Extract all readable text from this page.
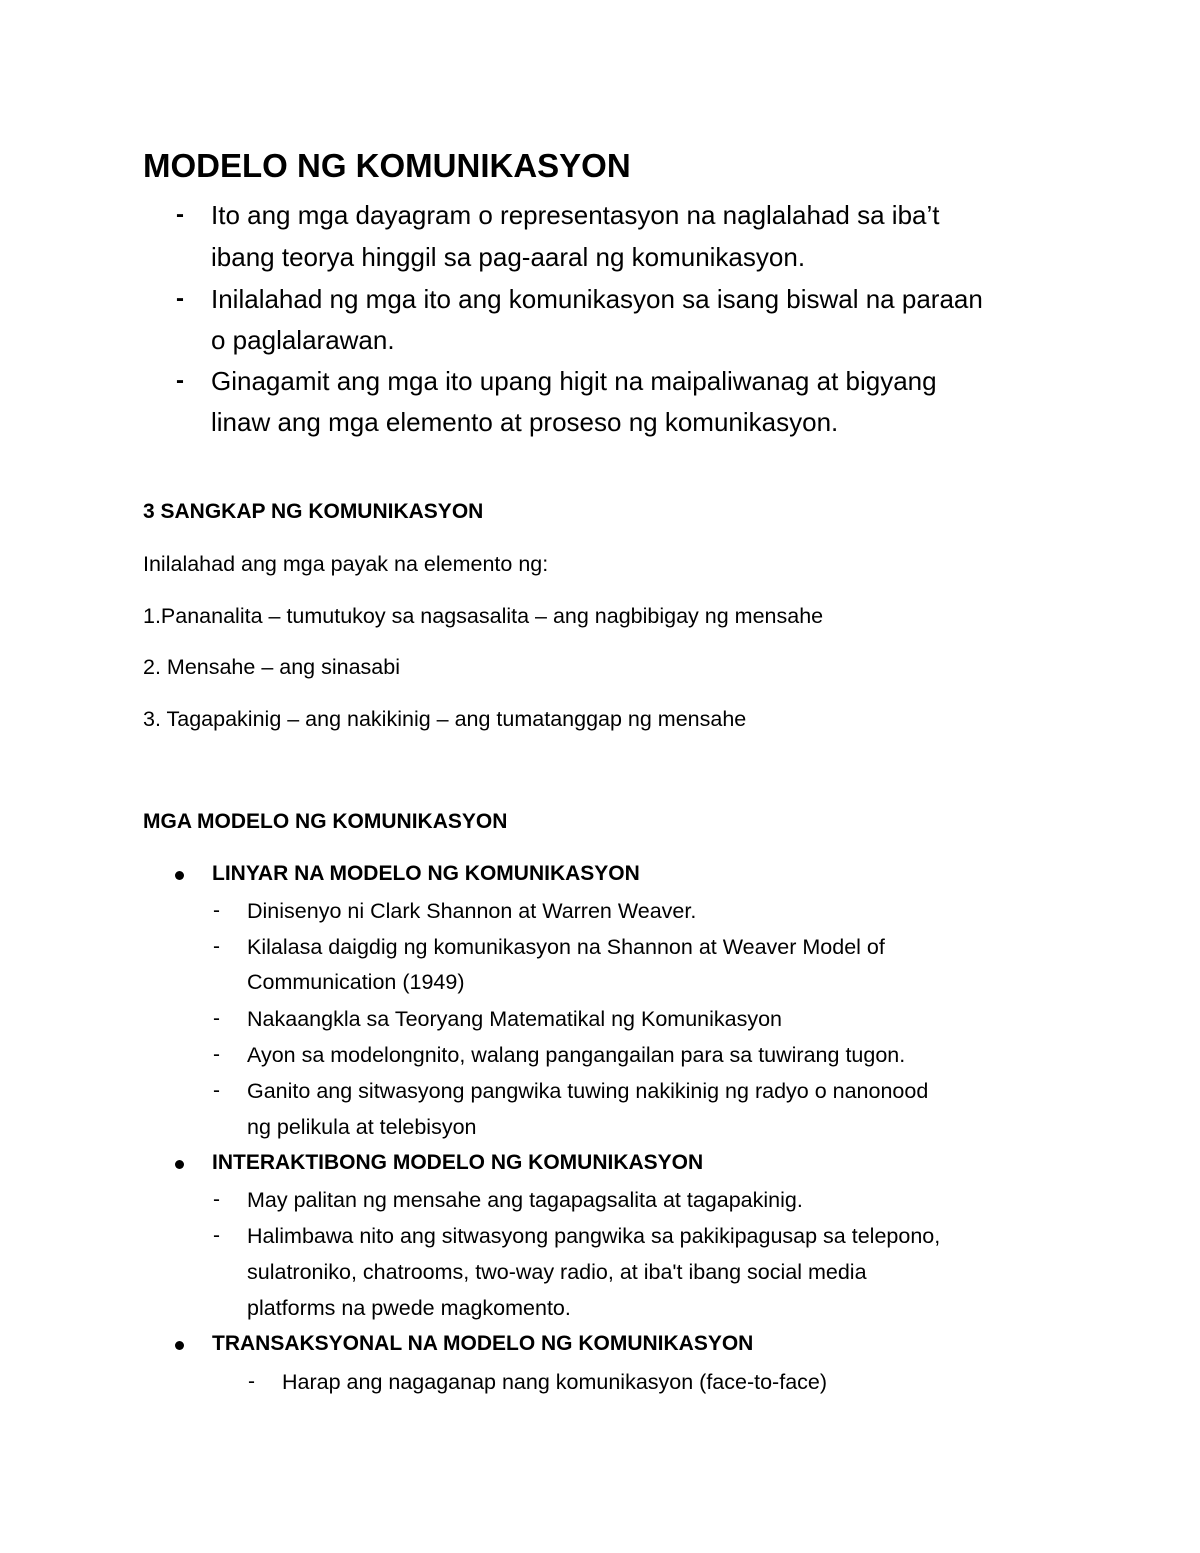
MODELO NG KOMUNIKASYON
- Ito ang mga dayagram o representasyon na naglalahad sa iba’t
ibang teorya hinggil sa pag-aaral ng komunikasyon.
- Inilalahad ng mga ito ang komunikasyon sa isang biswal na paraan
o paglalarawan.
- Ginagamit ang mga ito upang higit na maipaliwanag at bigyang
linaw ang mga elemento at proseso ng komunikasyon.
3 SANGKAP NG KOMUNIKASYON
Inilalahad ang mga payak na elemento ng:
1.Pananalita – tumutukoy sa nagsasalita – ang nagbibigay ng mensahe
2. Mensahe – ang sinasabi
3. Tagapakinig – ang nakikinig – ang tumatanggap ng mensahe
MGA MODELO NG KOMUNIKASYON
LINYAR NA MODELO NG KOMUNIKASYON
- Dinisenyo ni Clark Shannon at Warren Weaver.
- Kilalasa daigdig ng komunikasyon na Shannon at Weaver Model of
Communication (1949)
- Nakaangkla sa Teoryang Matematikal ng Komunikasyon
- Ayon sa modelongnito, walang pangangailan para sa tuwirang tugon.
- Ganito ang sitwasyong pangwika tuwing nakikinig ng radyo o nanonood
ng pelikula at telebisyon
INTERAKTIBONG MODELO NG KOMUNIKASYON
- May palitan ng mensahe ang tagapagsalita at tagapakinig.
- Halimbawa nito ang sitwasyong pangwika sa pakikipagusap sa telepono,
sulatroniko, chatrooms, two-way radio, at iba't ibang social media
platforms na pwede magkomento.
TRANSAKSYONAL NA MODELO NG KOMUNIKASYON
- Harap ang nagaganap nang komunikasyon (face-to-face)
